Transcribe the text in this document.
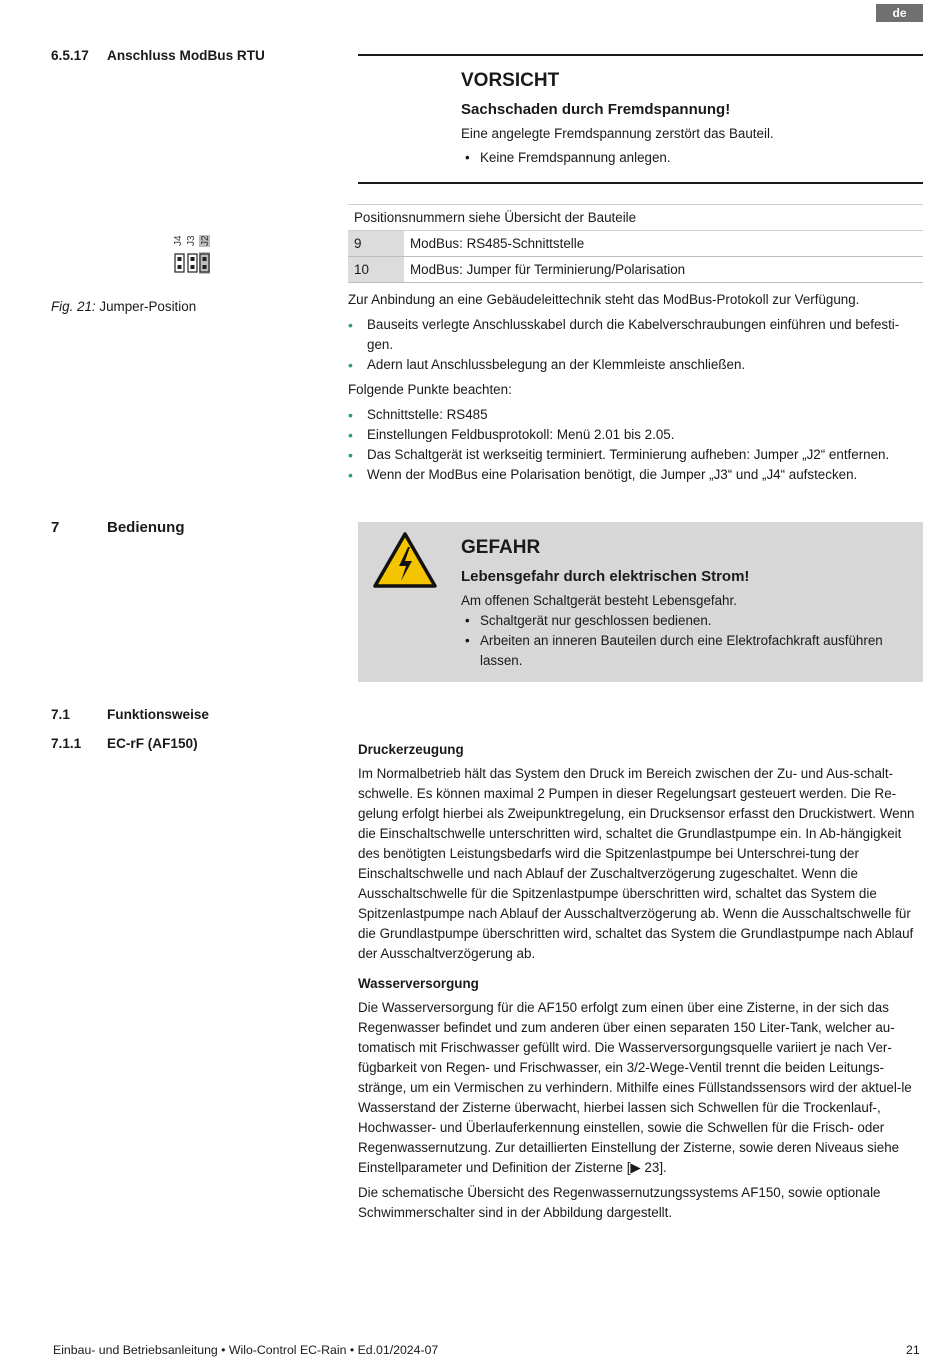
de
6.5.17 Anschluss ModBus RTU

VORSICHT

Sachschaden durch Fremdspannung!

Eine angelegte Fremdspannung zerstört das Bauteil.

• Keine Fremdspannung anlegen.
J4 J3 J2
Fig. 21: Jumper-Position
Positionsnummern siehe Übersicht der Bauteile	
9	ModBus: RS485-Schnittstelle
10	ModBus: Jumper für Terminierung/Polarisation

Zur Anbindung an eine Gebäudeleittechnik steht das ModBus-Protokoll zur Verfügung.

• Bauseits verlegte Anschlusskabel durch die Kabelverschraubungen einführen und befesti-gen.
• Adern laut Anschlussbelegung an der Klemmleiste anschließen.

Folgende Punkte beachten:

• Schnittstelle: RS485
• Einstellungen Feldbusprotokoll: Menü 2.01 bis 2.05.
• Das Schaltgerät ist werkseitig terminiert. Terminierung aufheben: Jumper „J2“ entfernen.
• Wenn der ModBus eine Polarisation benötigt, die Jumper „J3“ und „J4“ aufstecken.
7	Bedienung

GEFAHR

Lebensgefahr durch elektrischen Strom!

Am offenen Schaltgerät besteht Lebensgefahr.

• Schaltgerät nur geschlossen bedienen.
• Arbeiten an inneren Bauteilen durch eine Elektrofachkraft ausführen lassen.
7.1	Funktionsweise
7.1.1 EC-rF (AF150)	Druckerzeugung

Im Normalbetrieb hält das System den Druck im Bereich zwischen der Zu- und Aus-schalt-schwelle. Es können maximal 2 Pumpen in dieser Regelungsart gesteuert werden. Die Re-gelung erfolgt hierbei als Zweipunktregelung, ein Drucksensor erfasst den Druckistwert. Wenn die Einschaltschwelle unterschritten wird, schaltet die Grundlastpumpe ein. In Ab-hängigkeit des benötigten Leistungsbedarfs wird die Spitzenlastpumpe bei Unterschrei-tung der Einschaltschwelle und nach Ablauf der Zuschaltverzögerung zugeschaltet. Wenn die Ausschaltschwelle für die Spitzenlastpumpe überschritten wird, schaltet das System die Spitzenlastpumpe nach Ablauf der Ausschaltverzögerung ab. Wenn die Ausschaltschwelle für die Grundlastpumpe überschritten wird, schaltet das System die Grundlastpumpe nach Ablauf der Ausschaltverzögerung ab.

Wasserversorgung

Die Wasserversorgung für die AF150 erfolgt zum einen über eine Zisterne, in der sich das Regenwasser befindet und zum anderen über einen separaten 150 Liter-Tank, welcher au-tomatisch mit Frischwasser gefüllt wird. Die Wasserversorgungsquelle variiert je nach Ver-fügbarkeit von Regen- und Frischwasser, ein 3/2-Wege-Ventil trennt die beiden Leitungs-stränge, um ein Vermischen zu verhindern. Mithilfe eines Füllstandssensors wird der aktuel-le Wasserstand der Zisterne überwacht, hierbei lassen sich Schwellen für die Trockenlauf-, Hochwasser- und Überlauferkennung einstellen, sowie die Schwellen für die Frisch- oder Regenwassernutzung. Zur detaillierten Einstellung der Zisterne, sowie deren Niveaus siehe Einstellparameter und Definition der Zisterne [▶ 23].

Die schematische Übersicht des Regenwassernutzungssystems AF150, sowie optionale Schwimmerschalter sind in der Abbildung dargestellt.

Einbau- und Betriebsanleitung • Wilo-Control EC-Rain • Ed.01/2024-07	21
